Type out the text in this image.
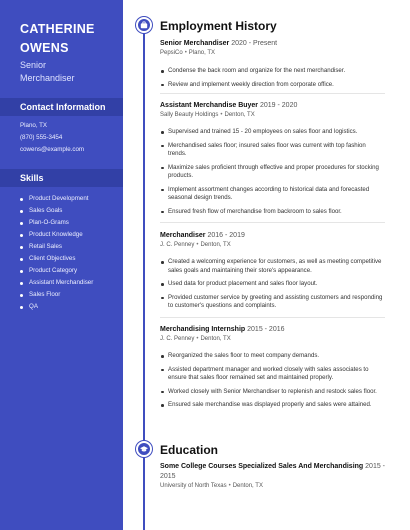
CATHERINE
OWENS
Senior
Merchandiser
Contact Information
Plano, TX
(870) 555-3454
cowens@example.com
Skills
Product Development
Sales Goals
Plan-O-Grams
Product Knowledge
Retail Sales
Client Objectives
Product Category
Assistant Merchandiser
Sales Floor
QA
Employment History
Senior Merchandiser 2020 - Present
PepsiCo • Plano, TX
Condense the back room and organize for the next merchandiser.
Review and implement weekly direction from corporate office.
Assistant Merchandise Buyer 2019 - 2020
Sally Beauty Holdings • Denton, TX
Supervised and trained 15 - 20 employees on sales floor and logistics.
Merchandised sales floor; insured sales floor was current with top fashion trends.
Maximize sales proficient through effective and proper procedures for stocking products.
Implement assortment changes according to historical data and forecasted seasonal design trends.
Ensured fresh flow of merchandise from backroom to sales floor.
Merchandiser 2016 - 2019
J. C. Penney • Denton, TX
Created a welcoming experience for customers, as well as meeting competitive sales goals and maintaining their store's appearance.
Used data for product placement and sales floor layout.
Provided customer service by greeting and assisting customers and responding to customer's questions and complaints.
Merchandising Internship 2015 - 2016
J. C. Penney • Denton, TX
Reorganized the sales floor to meet company demands.
Assisted department manager and worked closely with sales associates to ensure that sales floor remained set and maintained properly.
Worked closely with Senior Merchandiser to replenish and restock sales floor.
Ensured sale merchandise was displayed properly and sales were attained.
Education
Some College Courses Specialized Sales And Merchandising 2015 - 2015
University of North Texas • Denton, TX
